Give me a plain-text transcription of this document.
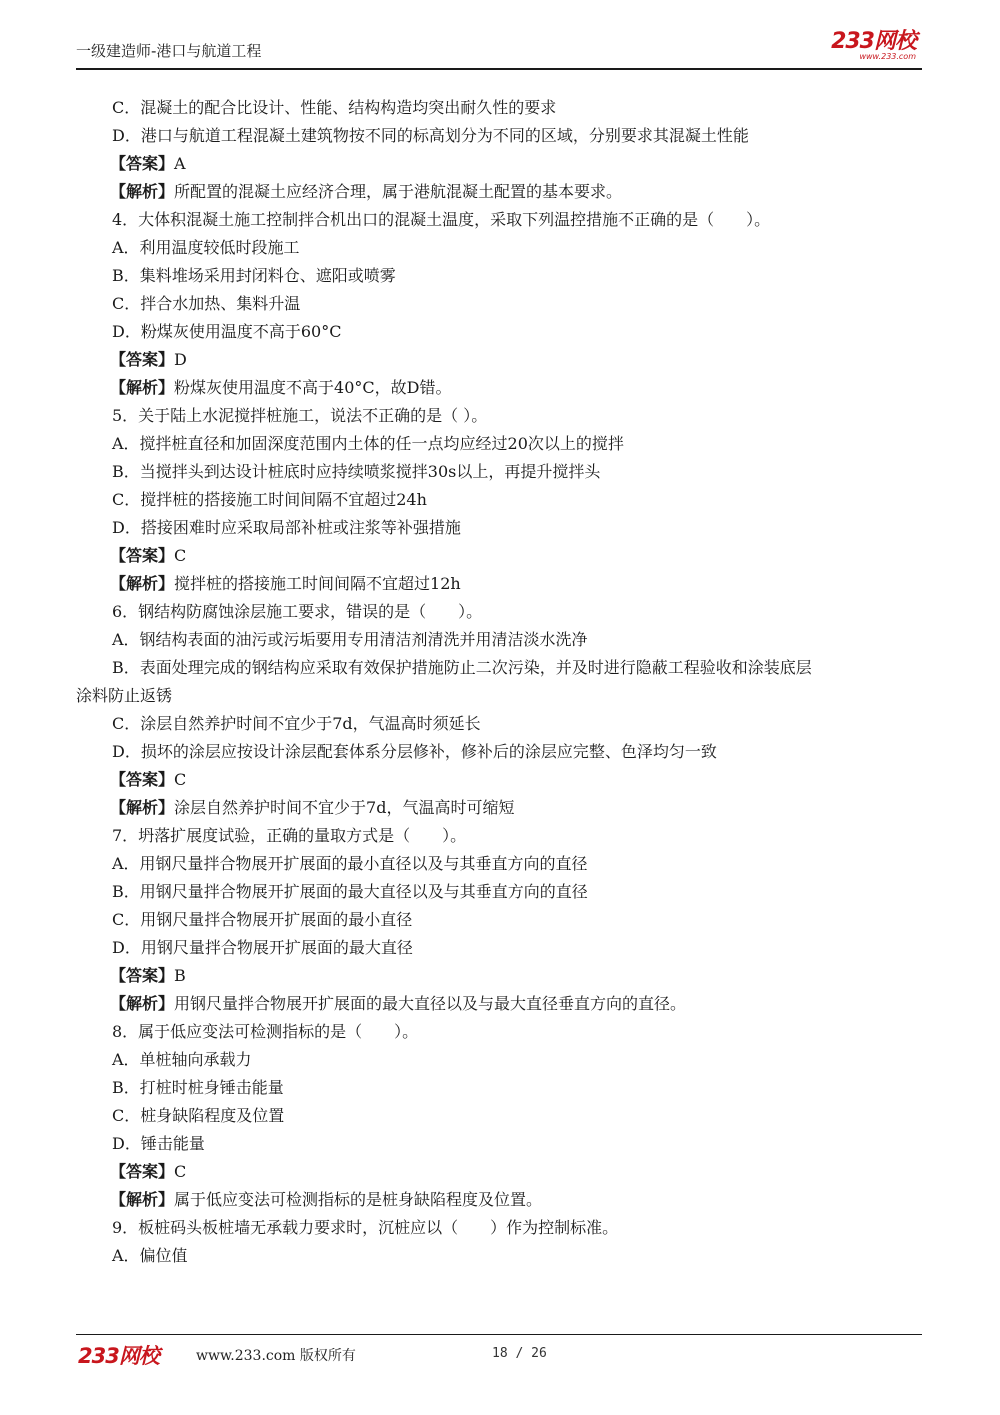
一级建造师-港口与航道工程	233网校
www.233.com
C．混凝土的配合比设计、性能、结构构造均突出耐久性的要求
D．港口与航道工程混凝土建筑物按不同的标高划分为不同的区域，分别要求其混凝土性能
【答案】A
【解析】所配置的混凝土应经济合理，属于港航混凝土配置的基本要求。
4．大体积混凝土施工控制拌合机出口的混凝土温度，采取下列温控措施不正确的是（　　）。
A．利用温度较低时段施工
B．集料堆场采用封闭料仓、遮阳或喷雾
C．拌合水加热、集料升温
D．粉煤灰使用温度不高于60°C
【答案】D
【解析】粉煤灰使用温度不高于40°C，故D错。
5．关于陆上水泥搅拌桩施工，说法不正确的是（ ）。
A．搅拌桩直径和加固深度范围内土体的任一点均应经过20次以上的搅拌
B．当搅拌头到达设计桩底时应持续喷浆搅拌30s以上，再提升搅拌头
C．搅拌桩的搭接施工时间间隔不宜超过24h
D．搭接困难时应采取局部补桩或注浆等补强措施
【答案】C
【解析】搅拌桩的搭接施工时间间隔不宜超过12h
6．钢结构防腐蚀涂层施工要求，错误的是（　　）。
A．钢结构表面的油污或污垢要用专用清洁剂清洗并用清洁淡水洗净
B．表面处理完成的钢结构应采取有效保护措施防止二次污染，并及时进行隐蔽工程验收和涂装底层
涂料防止返锈
C．涂层自然养护时间不宜少于7d，气温高时须延长
D．损坏的涂层应按设计涂层配套体系分层修补，修补后的涂层应完整、色泽均匀一致
【答案】C
【解析】涂层自然养护时间不宜少于7d，气温高时可缩短
7．坍落扩展度试验，正确的量取方式是（　　）。
A．用钢尺量拌合物展开扩展面的最小直径以及与其垂直方向的直径
B．用钢尺量拌合物展开扩展面的最大直径以及与其垂直方向的直径
C．用钢尺量拌合物展开扩展面的最小直径
D．用钢尺量拌合物展开扩展面的最大直径
【答案】B
【解析】用钢尺量拌合物展开扩展面的最大直径以及与最大直径垂直方向的直径。
8．属于低应变法可检测指标的是（　　）。
A．单桩轴向承载力
B．打桩时桩身锤击能量
C．桩身缺陷程度及位置
D．锤击能量
【答案】C
【解析】属于低应变法可检测指标的是桩身缺陷程度及位置。
9．板桩码头板桩墙无承载力要求时，沉桩应以（　　）作为控制标准。
A．偏位值
233网校	www.233.com 版权所有	18 / 26
